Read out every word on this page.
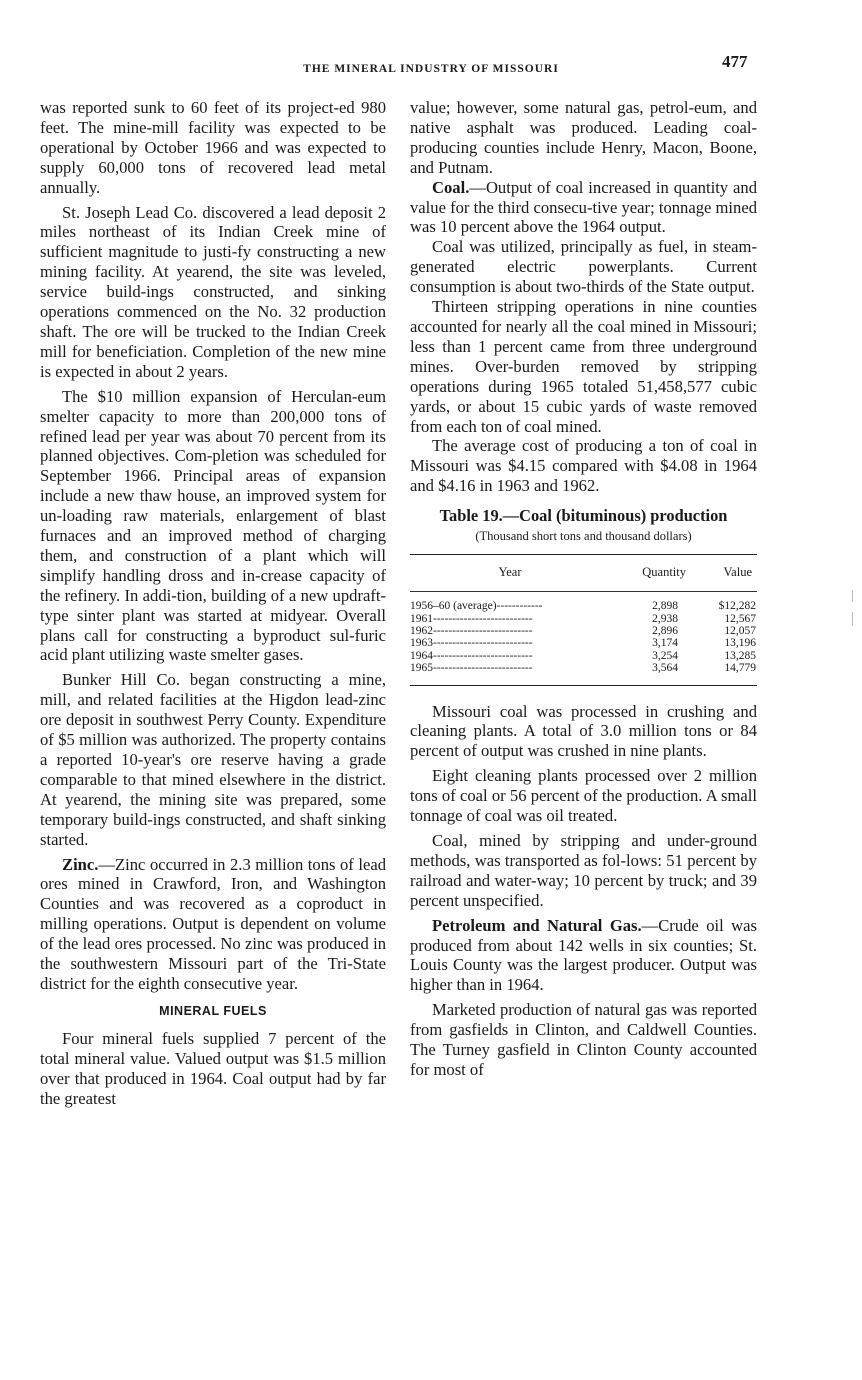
THE MINERAL INDUSTRY OF MISSOURI	477

was reported sunk to 60 feet of its project-ed 980 feet. The mine-mill facility was expected to be operational by October 1966 and was expected to supply 60,000 tons of recovered lead metal annually.

St. Joseph Lead Co. discovered a lead deposit 2 miles northeast of its Indian Creek mine of sufficient magnitude to justi-fy constructing a new mining facility. At yearend, the site was leveled, service build-ings constructed, and sinking operations commenced on the No. 32 production shaft. The ore will be trucked to the Indian Creek mill for beneficiation. Completion of the new mine is expected in about 2 years.

The $10 million expansion of Herculan-eum smelter capacity to more than 200,000 tons of refined lead per year was about 70 percent from its planned objectives. Com-pletion was scheduled for September 1966. Principal areas of expansion include a new thaw house, an improved system for un-loading raw materials, enlargement of blast furnaces and an improved method of charging them, and construction of a plant which will simplify handling dross and in-crease capacity of the refinery. In addi-tion, building of a new updraft-type sinter plant was started at midyear. Overall plans call for constructing a byproduct sul-furic acid plant utilizing waste smelter gases.

Bunker Hill Co. began constructing a mine, mill, and related facilities at the Higdon lead-zinc ore deposit in southwest Perry County. Expenditure of $5 million was authorized. The property contains a reported 10-year's ore reserve having a grade comparable to that mined elsewhere in the district. At yearend, the mining site was prepared, some temporary build-ings constructed, and shaft sinking started.

Zinc.—Zinc occurred in 2.3 million tons of lead ores mined in Crawford, Iron, and Washington Counties and was recovered as a coproduct in milling operations. Output is dependent on volume of the lead ores processed. No zinc was produced in the southwestern Missouri part of the Tri-State district for the eighth consecutive year.

MINERAL FUELS

Four mineral fuels supplied 7 percent of the total mineral value. Valued output was $1.5 million over that produced in 1964. Coal output had by far the greatest

value; however, some natural gas, petrol-eum, and native asphalt was produced. Leading coal-producing counties include Henry, Macon, Boone, and Putnam.

Coal.—Output of coal increased in quantity and value for the third consecu-tive year; tonnage mined was 10 percent above the 1964 output.

Coal was utilized, principally as fuel, in steam-generated electric powerplants. Current consumption is about two-thirds of the State output.

Thirteen stripping operations in nine counties accounted for nearly all the coal mined in Missouri; less than 1 percent came from three underground mines. Over-burden removed by stripping operations during 1965 totaled 51,458,577 cubic yards, or about 15 cubic yards of waste removed from each ton of coal mined.

The average cost of producing a ton of coal in Missouri was $4.15 compared with $4.08 in 1964 and $4.16 in 1963 and 1962.

Table 19.—Coal (bituminous) production
(Thousand short tons and thousand dollars)
Year	Quantity	Value
1956–60 (average)------------	2,898	$12,282
1961--------------------------	2,938	12,567
1962--------------------------	2,896	12,057
1963--------------------------	3,174	13,196
1964--------------------------	3,254	13,285
1965--------------------------	3,564	14,779

Missouri coal was processed in crushing and cleaning plants. A total of 3.0 million tons or 84 percent of output was crushed in nine plants.

Eight cleaning plants processed over 2 million tons of coal or 56 percent of the production. A small tonnage of coal was oil treated.

Coal, mined by stripping and under-ground methods, was transported as fol-lows: 51 percent by railroad and water-way; 10 percent by truck; and 39 percent unspecified.

Petroleum and Natural Gas.—Crude oil was produced from about 142 wells in six counties; St. Louis County was the largest producer. Output was higher than in 1964.

Marketed production of natural gas was reported from gasfields in Clinton, and Caldwell Counties. The Turney gasfield in Clinton County accounted for most of
